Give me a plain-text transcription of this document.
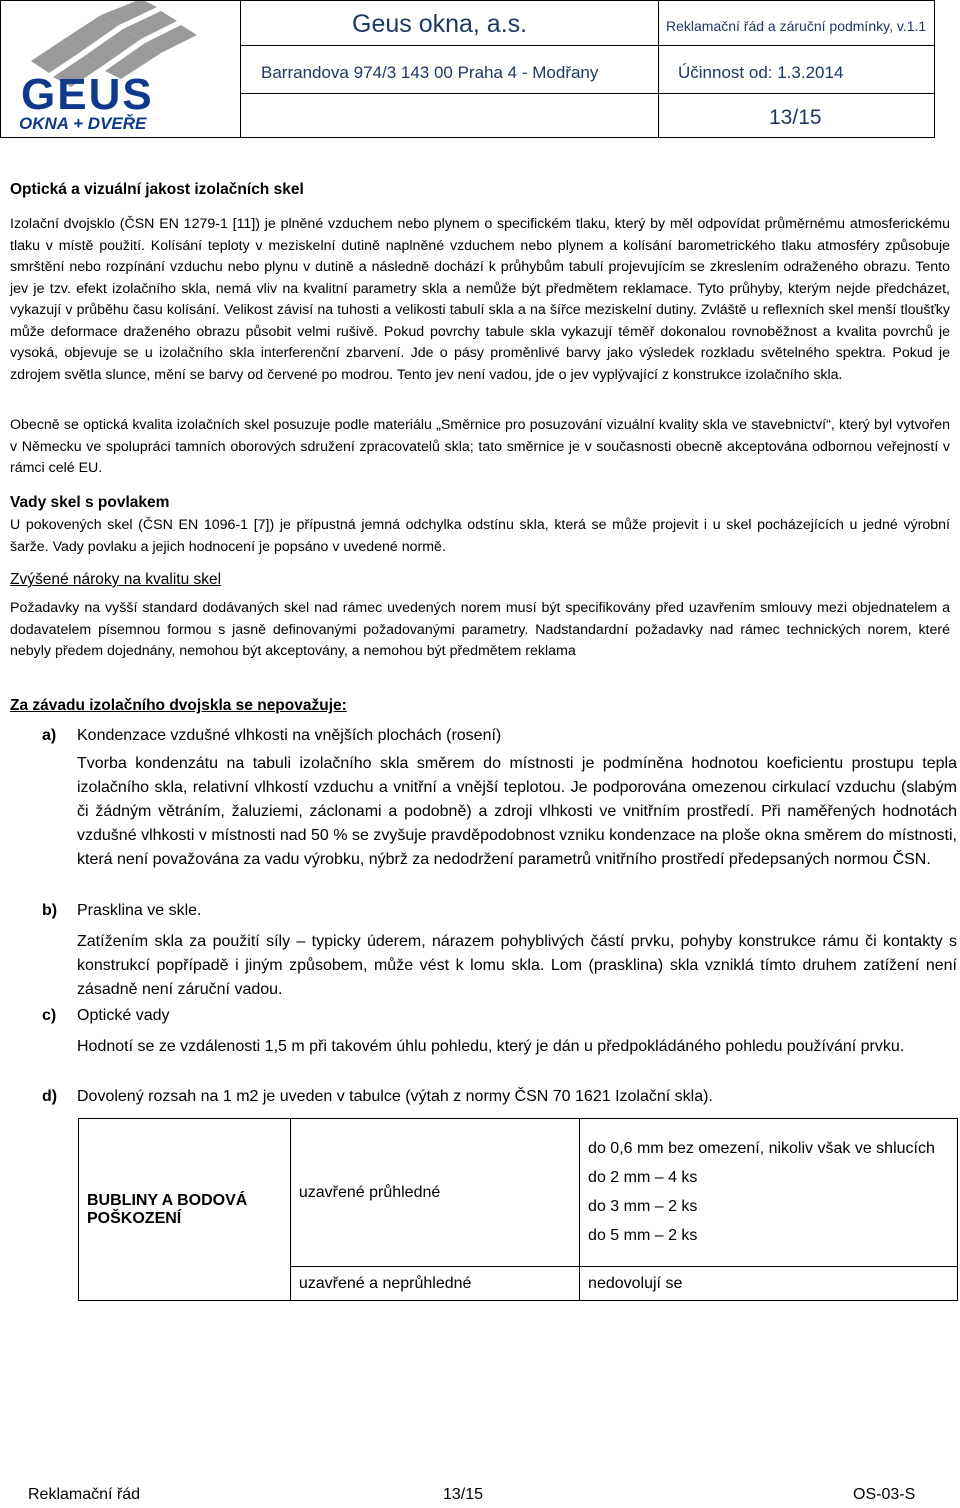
GEUS
OKNA + DVEŘE
Geus okna, a.s.	Reklamační řád a záruční podmínky, v.1.1
Barrandova 974/3 143 00 Praha 4 - Modřany	Účinnost od: 1.3.2014
13/15
Optická a vizuální jakost izolačních skel
Izolační dvojsklo (ČSN EN 1279-1 [11]) je plněné vzduchem nebo plynem o specifickém tlaku, který by měl odpovídat průměrnému atmosferickému tlaku v místě použití. Kolísání teploty v meziskelní dutině naplněné vzduchem nebo plynem a kolísání barometrického tlaku atmosféry způsobuje smrštění nebo rozpínání vzduchu nebo plynu v dutině a následně dochází k průhybům tabulí projevujícím se zkreslením odraženého obrazu. Tento jev je tzv. efekt izolačního skla, nemá vliv na kvalitní parametry skla a nemůže být předmětem reklamace. Tyto průhyby, kterým nejde předcházet, vykazují v průběhu času kolísání. Velikost závisí na tuhosti a velikosti tabulí skla a na šířce meziskelní dutiny. Zvláště u reflexních skel menší tloušťky může deformace draženého obrazu působit velmi rušivě. Pokud povrchy tabule skla vykazují téměř dokonalou rovnoběžnost a kvalita povrchů je vysoká, objevuje se u izolačního skla interferenční zbarvení. Jde o pásy proměnlivé barvy jako výsledek rozkladu světelného spektra. Pokud je zdrojem světla slunce, mění se barvy od červené po modrou. Tento jev není vadou, jde o jev vyplývající z konstrukce izolačního skla.
Obecně se optická kvalita izolačních skel posuzuje podle materiálu „Směrnice pro posuzování vizuální kvality skla ve stavebnictví“, který byl vytvořen v Německu ve spolupráci tamních oborových sdružení zpracovatelů skla; tato směrnice je v současnosti obecně akceptována odbornou veřejností v rámci celé EU.
Vady skel s povlakem
U pokovených skel (ČSN EN 1096-1 [7]) je přípustná jemná odchylka odstínu skla, která se může projevit i u skel pocházejících u jedné výrobní šarže. Vady povlaku a jejich hodnocení je popsáno v uvedené normě.
Zvýšené nároky na kvalitu skel
Požadavky na vyšší standard dodávaných skel nad rámec uvedených norem musí být specifikovány před uzavřením smlouvy mezi objednatelem a dodavatelem písemnou formou s jasně definovanými požadovanými parametry. Nadstandardní požadavky nad rámec technických norem, které nebyly předem dojednány, nemohou být akceptovány, a nemohou být předmětem reklama
Za závadu izolačního dvojskla se nepovažuje:
a) Kondenzace vzdušné vlhkosti na vnějších plochách (rosení)
Tvorba kondenzátu na tabuli izolačního skla směrem do místnosti je podmíněna hodnotou koeficientu prostupu tepla izolačního skla, relativní vlhkostí vzduchu a vnitřní a vnější teplotou. Je podporována omezenou cirkulací vzduchu (slabým či žádným větráním, žaluziemi, záclonami a podobně) a zdroji vlhkosti ve vnitřním prostředí. Při naměřených hodnotách vzdušné vlhkosti v místnosti nad 50 % se zvyšuje pravděpodobnost vzniku kondenzace na ploše okna směrem do místnosti, která není považována za vadu výrobku, nýbrž za nedodržení parametrů vnitřního prostředí předepsaných normou ČSN.
b) Prasklina ve skle.
Zatížením skla za použití síly – typicky úderem, nárazem pohyblivých částí prvku, pohyby konstrukce rámu či kontakty s konstrukcí popřípadě i jiným způsobem, může vést k lomu skla. Lom (prasklina) skla vzniklá tímto druhem zatížení není zásadně není záruční vadou.
c) Optické vady
Hodnotí se ze vzdálenosti 1,5 m při takovém úhlu pohledu, který je dán u předpokládáného pohledu používání prvku.
d) Dovolený rozsah na 1 m2 je uveden v tabulce (výtah z normy ČSN 70 1621 Izolační skla).
BUBLINY A BODOVÁ POŠKOZENÍ	uzavřené průhledné	do 0,6 mm bez omezení, nikoliv však ve shlucích
do 2 mm – 4 ks
do 3 mm – 2 ks
do 5 mm – 2 ks

	uzavřené a neprůhledné	nedovolují se
Reklamační řád	13/15	OS-03-S
